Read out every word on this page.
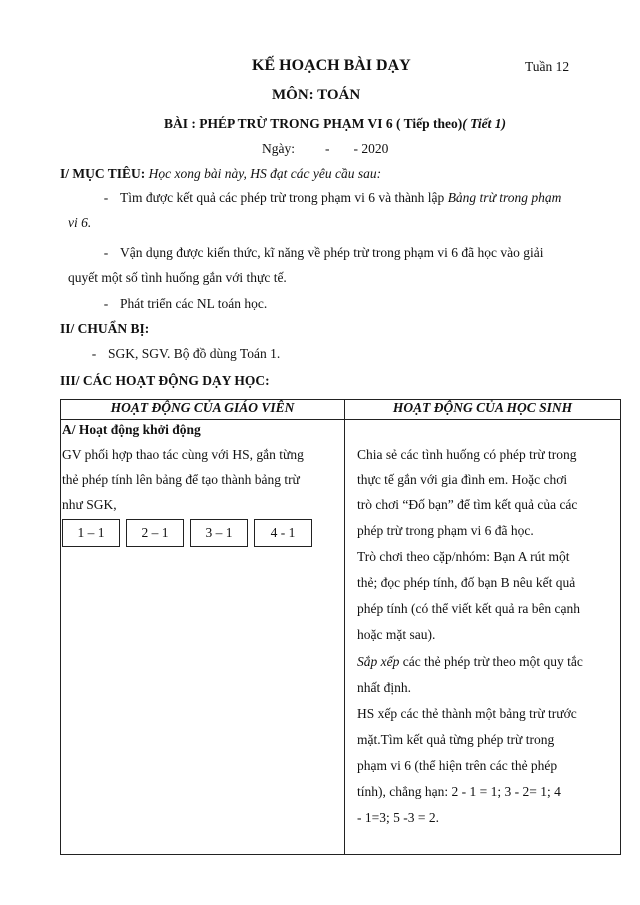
KẾ HOẠCH BÀI DẠY	Tuần 12
MÔN: TOÁN
BÀI : PHÉP TRỪ TRONG PHẠM VI 6 ( Tiếp theo)( Tiết 1)
Ngày: - - 2020
I/ MỤC TIÊU: Học xong bài này, HS đạt các yêu cầu sau:
- Tìm được kết quả các phép trừ trong phạm vi 6 và thành lập Bảng trừ trong phạm
vi 6.
- Vận dụng được kiến thức, kĩ năng về phép trừ trong phạm vi 6 đã học vào giải
quyết một số tình huống gắn với thực tế.
- Phát triển các NL toán học.
II/ CHUẨN BỊ:
- SGK, SGV. Bộ đồ dùng Toán 1.
III/ CÁC HOẠT ĐỘNG DẠY HỌC:
HOẠT ĐỘNG CỦA GIÁO VIÊN	HOẠT ĐỘNG CỦA HỌC SINH

A/ Hoạt động khởi động
GV phối hợp thao tác cùng với HS, gắn từng
thẻ phép tính lên bảng để tạo thành bảng trừ
như SGK,
1 – 1	2 – 1	3 – 1	4 - 1
Chia sẻ các tình huống có phép trừ trong
thực tế gắn với gia đình em. Hoặc chơi
trò chơi “Đố bạn” để tìm kết quả của các
phép trừ trong phạm vi 6 đã học.
Trò chơi theo cặp/nhóm: Bạn A rút một
thẻ; đọc phép tính, đố bạn B nêu kết quả
phép tính (có thể viết kết quả ra bên cạnh
hoặc mặt sau).
Sắp xếp các thẻ phép trừ theo một quy tắc
nhất định.
HS xếp các thẻ thành một bảng trừ trước
mặt.Tìm kết quả từng phép trừ trong
phạm vi 6 (thể hiện trên các thẻ phép
tính), chẳng hạn: 2 - 1 = 1; 3 - 2= 1; 4
- 1=3; 5 -3 = 2.
